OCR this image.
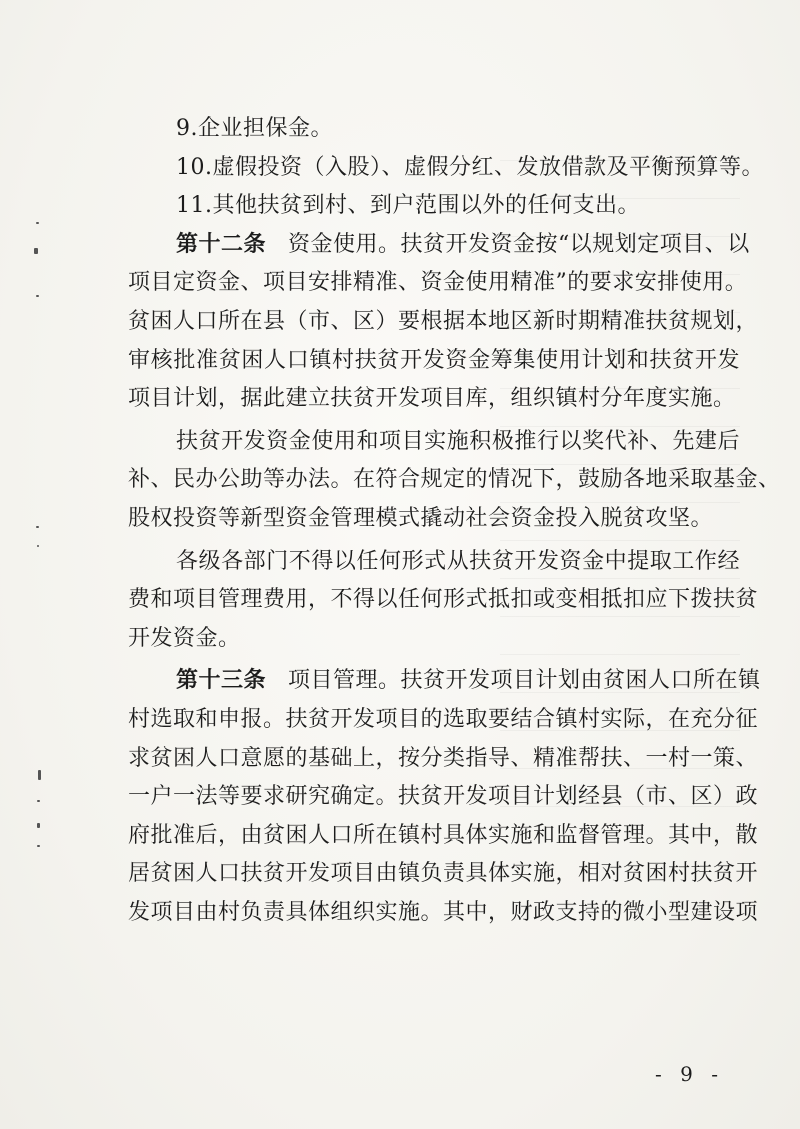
9.企业担保金。
10.虚假投资（入股）、虚假分红、发放借款及平衡预算等。
11.其他扶贫到村、到户范围以外的任何支出。
第十二条 资金使用。扶贫开发资金按“以规划定项目、以
项目定资金、项目安排精准、资金使用精准”的要求安排使用。
贫困人口所在县（市、区）要根据本地区新时期精准扶贫规划，
审核批准贫困人口镇村扶贫开发资金筹集使用计划和扶贫开发
项目计划，据此建立扶贫开发项目库，组织镇村分年度实施。
扶贫开发资金使用和项目实施积极推行以奖代补、先建后
补、民办公助等办法。在符合规定的情况下，鼓励各地采取基金、
股权投资等新型资金管理模式撬动社会资金投入脱贫攻坚。
各级各部门不得以任何形式从扶贫开发资金中提取工作经
费和项目管理费用，不得以任何形式抵扣或变相抵扣应下拨扶贫
开发资金。
第十三条 项目管理。扶贫开发项目计划由贫困人口所在镇
村选取和申报。扶贫开发项目的选取要结合镇村实际，在充分征
求贫困人口意愿的基础上，按分类指导、精准帮扶、一村一策、
一户一法等要求研究确定。扶贫开发项目计划经县（市、区）政
府批准后，由贫困人口所在镇村具体实施和监督管理。其中，散
居贫困人口扶贫开发项目由镇负责具体实施，相对贫困村扶贫开
发项目由村负责具体组织实施。其中，财政支持的微小型建设项
- 9 -
